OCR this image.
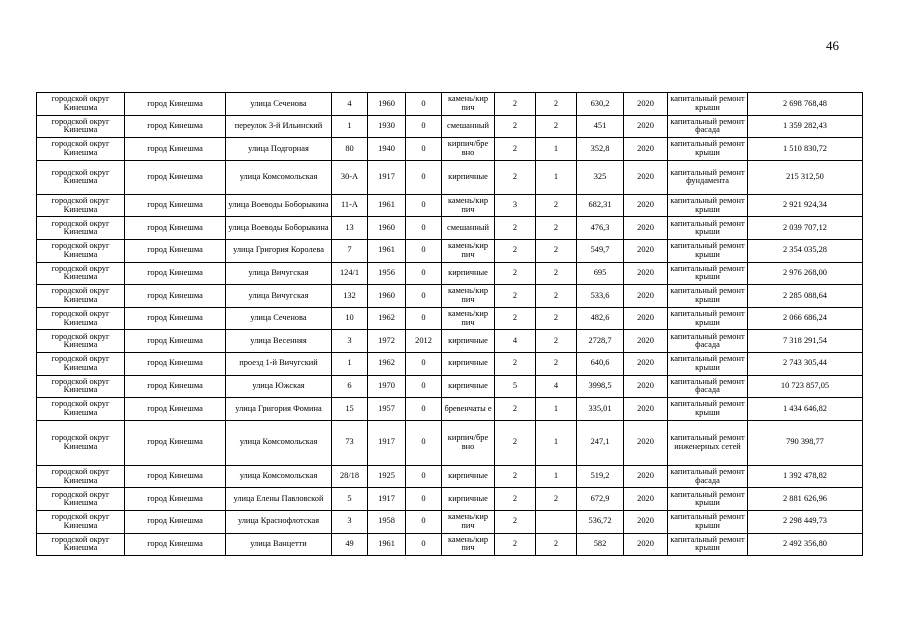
46
городской округ Кинешма	город Кинешма	улица Сеченова	4	1960	0	камень/кир пич	2	2	630,2	2020	капитальный ремонт крыши	2 698 768,48
городской округ Кинешма	город Кинешма	переулок 3-й Ильинский	1	1930	0	смешанный	2	2	451	2020	капитальный ремонт фасада	1 359 282,43
городской округ Кинешма	город Кинешма	улица Подгорная	80	1940	0	кирпич/бре вно	2	1	352,8	2020	капитальный ремонт крыши	1 510 830,72
городской округ Кинешма	город Кинешма	улица Комсомольская	30-А	1917	0	кирпичные	2	1	325	2020	капитальный ремонт фундамента	215 312,50
городской округ Кинешма	город Кинешма	улица Воеводы Боборыкина	11-А	1961	0	камень/кир пич	3	2	682,31	2020	капитальный ремонт крыши	2 921 924,34
городской округ Кинешма	город Кинешма	улица Воеводы Боборыкина	13	1960	0	смешанный	2	2	476,3	2020	капитальный ремонт крыши	2 039 707,12
городской округ Кинешма	город Кинешма	улица Григория Королева	7	1961	0	камень/кир пич	2	2	549,7	2020	капитальный ремонт крыши	2 354 035,28
городской округ Кинешма	город Кинешма	улица Вичугская	124/1	1956	0	кирпичные	2	2	695	2020	капитальный ремонт крыши	2 976 268,00
городской округ Кинешма	город Кинешма	улица Вичугская	132	1960	0	камень/кир пич	2	2	533,6	2020	капитальный ремонт крыши	2 285 088,64
городской округ Кинешма	город Кинешма	улица Сеченова	10	1962	0	камень/кир пич	2	2	482,6	2020	капитальный ремонт крыши	2 066 686,24
городской округ Кинешма	город Кинешма	улица Весенняя	3	1972	2012	кирпичные	4	2	2728,7	2020	капитальный ремонт фасада	7 318 291,54
городской округ Кинешма	город Кинешма	проезд 1-й Вичугский	1	1962	0	кирпичные	2	2	640,6	2020	капитальный ремонт крыши	2 743 305,44
городской округ Кинешма	город Кинешма	улица Южская	6	1970	0	кирпичные	5	4	3998,5	2020	капитальный ремонт фасада	10 723 857,05
городской округ Кинешма	город Кинешма	улица Григория Фомина	15	1957	0	бревенчаты е	2	1	335,01	2020	капитальный ремонт крыши	1 434 646,82
городской округ Кинешма	город Кинешма	улица Комсомольская	73	1917	0	кирпич/бре вно	2	1	247,1	2020	капитальный ремонт инженерных сетей	790 398,77
городской округ Кинешма	город Кинешма	улица Комсомольская	28/18	1925	0	кирпичные	2	1	519,2	2020	капитальный ремонт фасада	1 392 478,82
городской округ Кинешма	город Кинешма	улица Елены Павловской	5	1917	0	кирпичные	2	2	672,9	2020	капитальный ремонт крыши	2 881 626,96
городской округ Кинешма	город Кинешма	улица Краснофлотская	3	1958	0	камень/кир пич	2		536,72	2020	капитальный ремонт крыши	2 298 449,73
городской округ Кинешма	город Кинешма	улица Ванцетти	49	1961	0	камень/кир пич	2	2	582	2020	капитальный ремонт крыши	2 492 356,80
